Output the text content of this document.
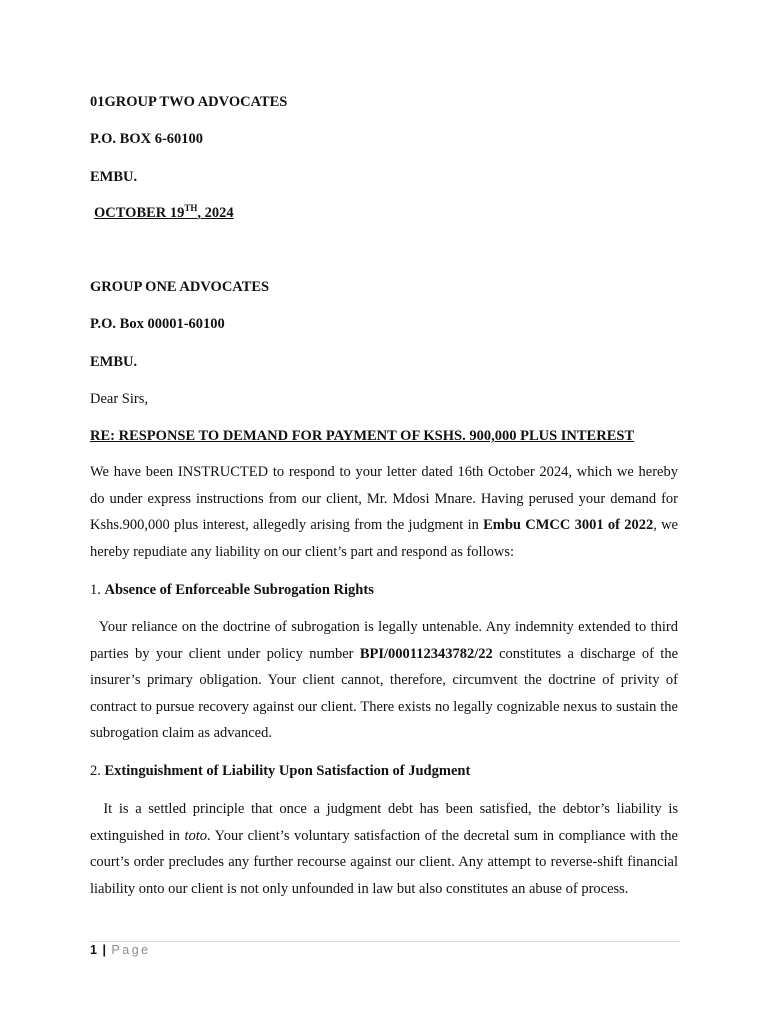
01GROUP TWO ADVOCATES

P.O. BOX 6-60100

EMBU.

OCTOBER 19TH, 2024

GROUP ONE ADVOCATES

P.O. Box 00001-60100

EMBU.

Dear Sirs,

RE: RESPONSE TO DEMAND FOR PAYMENT OF KSHS. 900,000 PLUS INTEREST

We have been INSTRUCTED to respond to your letter dated 16th October 2024, which we hereby do under express instructions from our client, Mr. Mdosi Mnare. Having perused your demand for Kshs.900,000 plus interest, allegedly arising from the judgment in Embu CMCC 3001 of 2022, we hereby repudiate any liability on our client’s part and respond as follows:

1. Absence of Enforceable Subrogation Rights

Your reliance on the doctrine of subrogation is legally untenable. Any indemnity extended to third parties by your client under policy number BPI/000112343782/22 constitutes a discharge of the insurer’s primary obligation. Your client cannot, therefore, circumvent the doctrine of privity of contract to pursue recovery against our client. There exists no legally cognizable nexus to sustain the subrogation claim as advanced.

2. Extinguishment of Liability Upon Satisfaction of Judgment

It is a settled principle that once a judgment debt has been satisfied, the debtor’s liability is extinguished in toto. Your client’s voluntary satisfaction of the decretal sum in compliance with the court’s order precludes any further recourse against our client. Any attempt to reverse-shift financial liability onto our client is not only unfounded in law but also constitutes an abuse of process.

1 | Page
